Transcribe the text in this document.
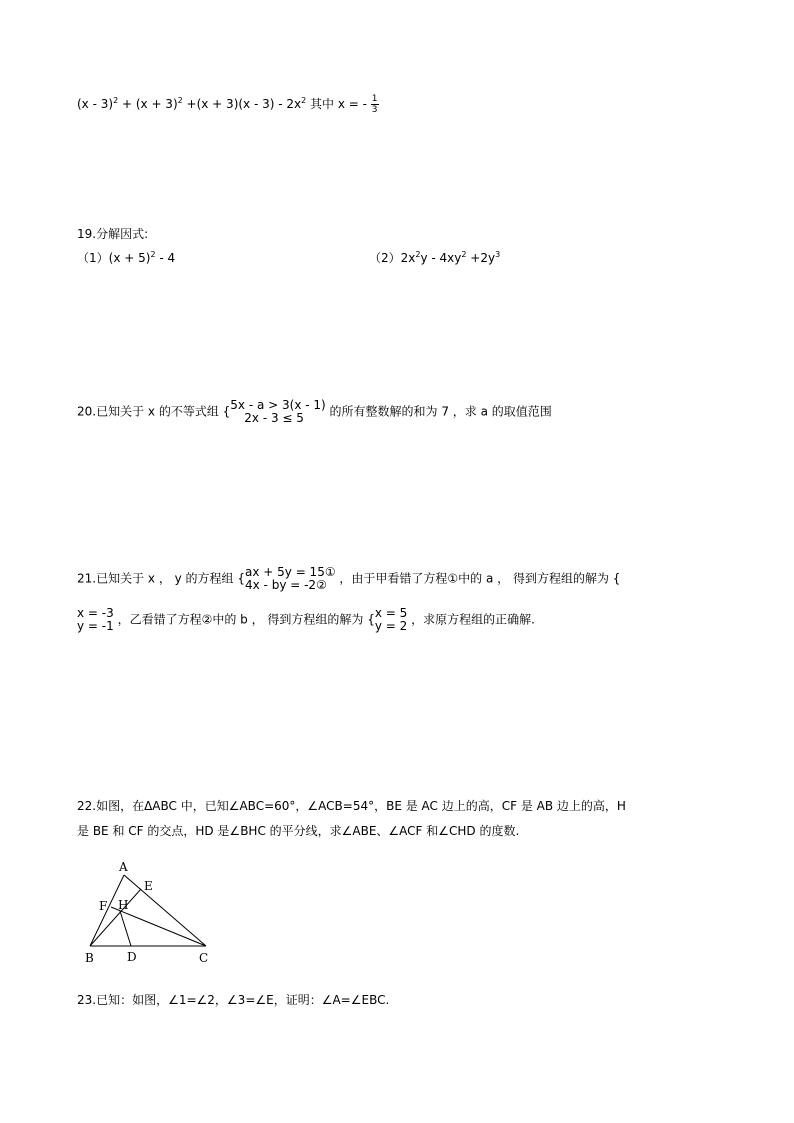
$(x - 3)^2 + (x + 3)^2 +(x + 3)(x - 3) - 2x^2$ 其中 x = - $\frac{1}{3}$
19.分解因式:
$(1)(x + 5)^2 - 4$	$(2)2x^2y - 4xy^2 +2y^3$
20.已知关于 x 的不等式组 { 5x - a > 3(x - 1)
2x - 3 ≤ 5	的所有整数解的和为 7 ，求 a 的取值范围
21.已知关于 x ， y 的方程组 { ax + 5y = 15①
4x - by = -2② ，由于甲看错了方程①中的 a ， 得到方程组的解为 {
x = -3
y = -1 ，乙看错了方程②中的 b ， 得到方程组的解为 { x = 5
y = 2 ，求原方程组的正确解.
22.如图，在ΔABC 中，已知∠ABC=60°，∠ACB=54°，BE 是 AC 边上的高，CF 是 AB 边上的高，H
是 BE 和 CF 的交点，HD 是∠BHC 的平分线，求∠ABE、∠ACF 和∠CHD 的度数.
A
E
F H
B	D	C
23.已知：如图，∠1=∠2，∠3=∠E，证明：∠A=∠EBC.
